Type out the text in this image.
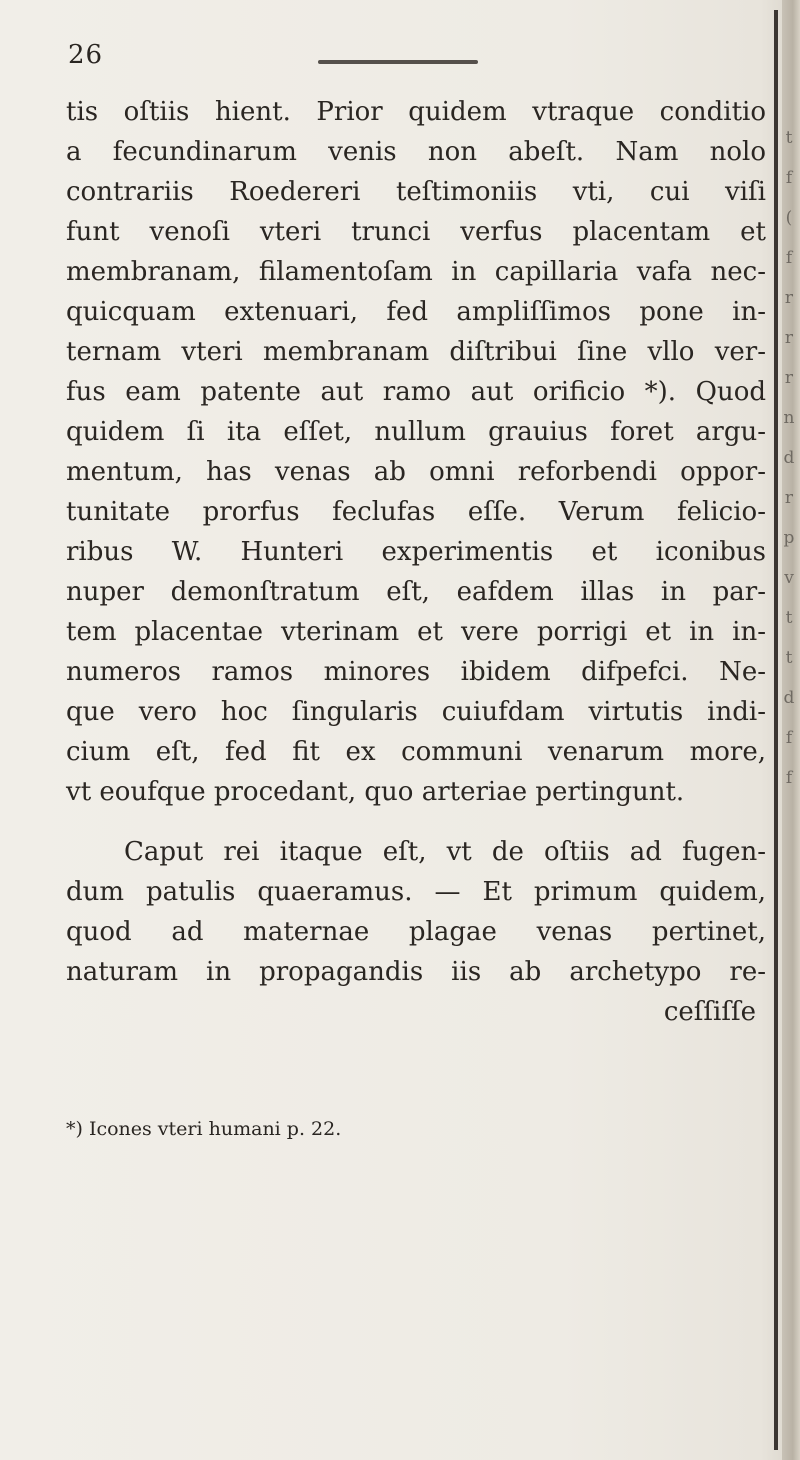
26
tis oſtiis hient. Prior quidem vtraque conditio
a fecundinarum venis non abeſt. Nam nolo
contrariis Roedereri teſtimoniis vti, cui viſi
funt venoſi vteri trunci verfus placentam et
membranam, filamentoſam in capillaria vafa nec-
quicquam extenuari, fed ampliſſimos pone in-
ternam vteri membranam diſtribui ſine vllo ver-
fus eam patente aut ramo aut orificio *). Quod
quidem ſi ita eſſet, nullum grauius foret argu-
mentum, has venas ab omni reforbendi oppor-
tunitate prorfus feclufas eſſe. Verum felicio-
ribus W. Hunteri experimentis et iconibus
nuper demonſtratum eſt, eafdem illas in par-
tem placentae vterinam et vere porrigi et in in-
numeros ramos minores ibidem difpefci. Ne-
que vero hoc ſingularis cuiufdam virtutis indi-
cium eſt, fed fit ex communi venarum more,
vt eoufque procedant, quo arteriae pertingunt.
Caput rei itaque eſt, vt de oſtiis ad fugen-
dum patulis quaeramus. — Et primum quidem,
quod ad maternae plagae venas pertinet,
naturam in propagandis iis ab archetypo re-
ceſſiſſe
*) Icones vteri humani p. 22.
t
f
(
f
r
r
r
n
d
r
p
v
t
t
d
f
f
